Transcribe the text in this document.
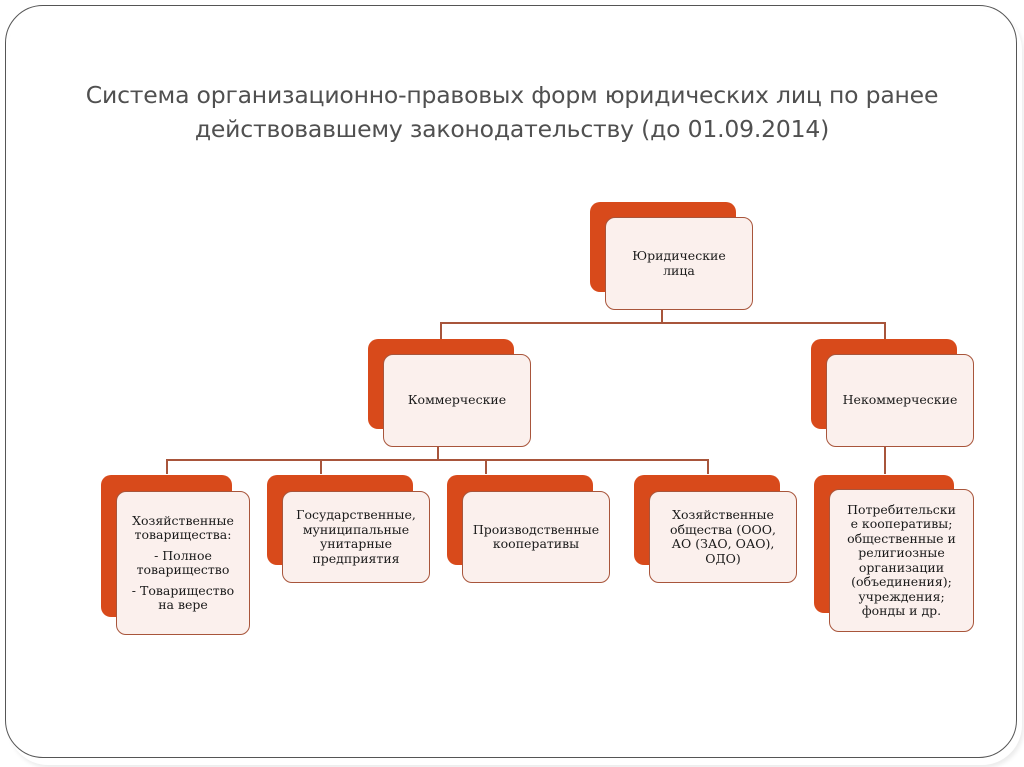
Система организационно-правовых форм юридических лиц по ранее
действовавшему законодательству (до 01.09.2014)
Юридические
лица
Коммерческие	Некоммерческие
Хозяйственные
товарищества:
- Полное
товарищество
- Товарищество
на вере
Государственные,
муниципальные
унитарные
предприятия
Производственные
кооперативы
Хозяйственные
общества (ООО,
АО (ЗАО, ОАО),
ОДО)
Потребительски
е кооперативы;
общественные и
религиозные
организации
(объединения);
учреждения;
фонды и др.
